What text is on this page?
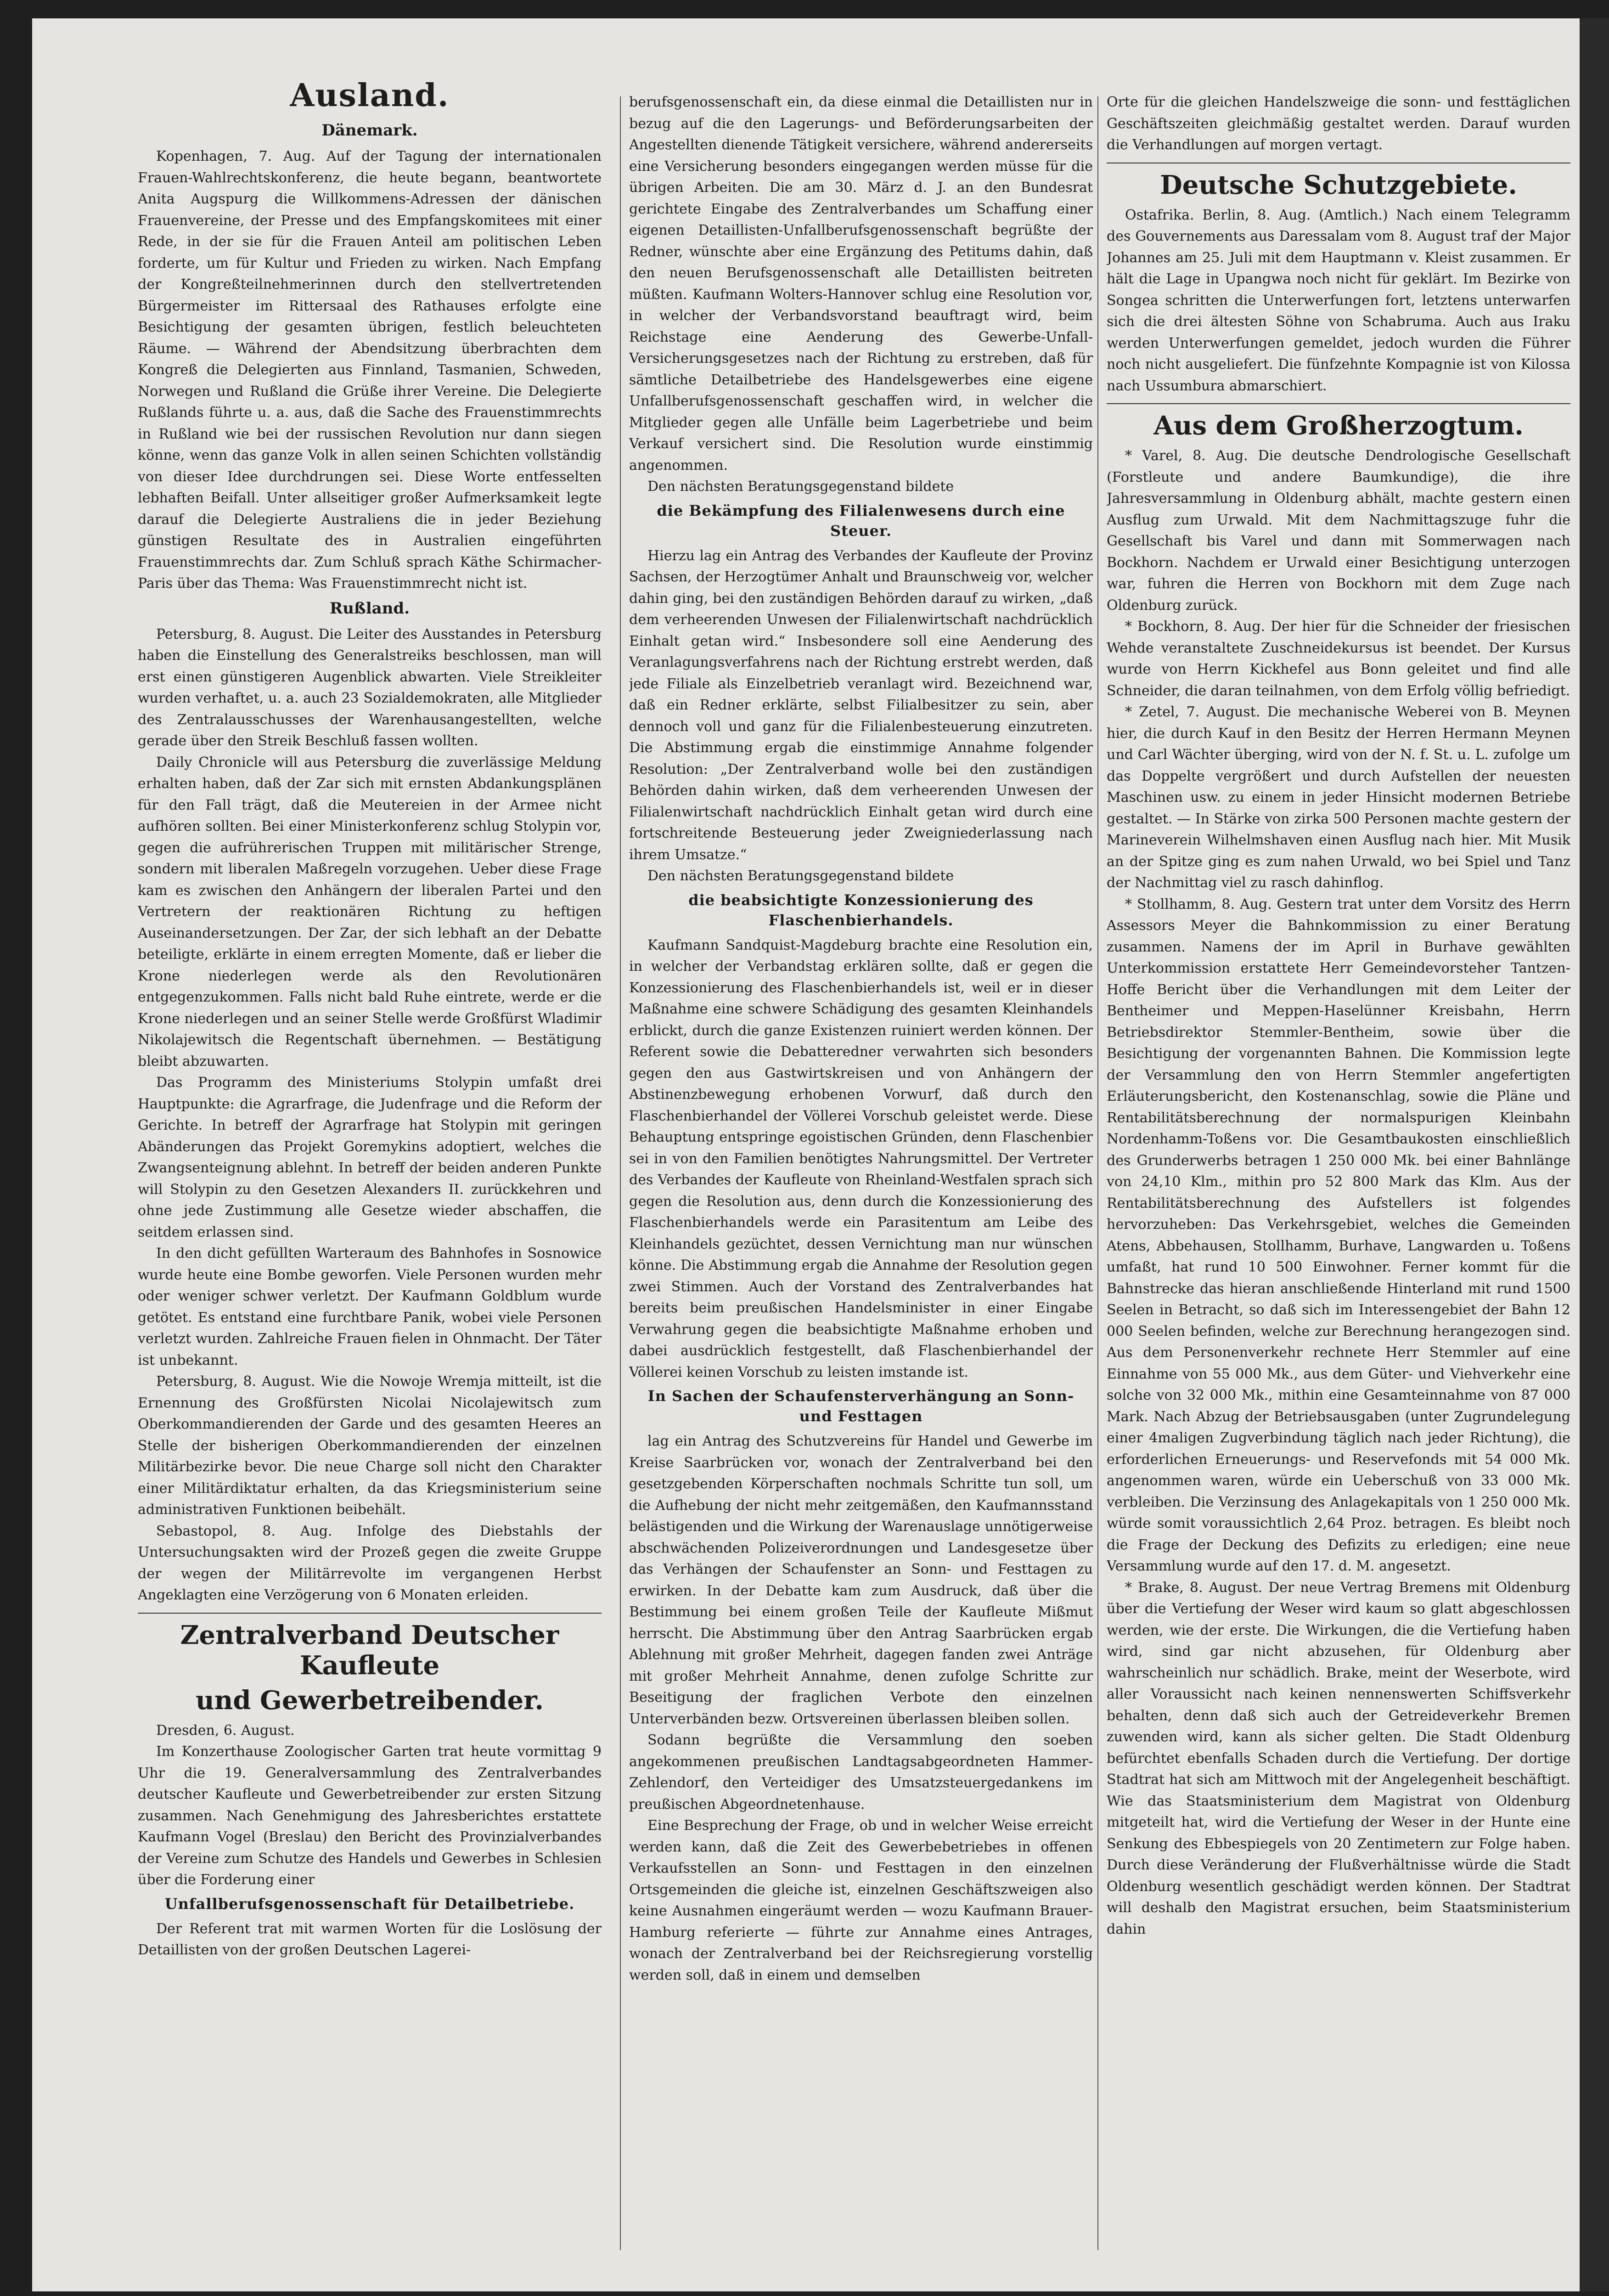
Ausland.
Dänemark.

Kopenhagen, 7. Aug. Auf der Tagung der internationalen Frauen-Wahlrechtskonferenz, die heute begann, beantwortete Anita Augspurg die Willkommens-Adressen der dänischen Frauenvereine, der Presse und des Empfangskomitees mit einer Rede, in der sie für die Frauen Anteil am politischen Leben forderte, um für Kultur und Frieden zu wirken. Nach Empfang der Kongreßteilnehmerinnen durch den stellvertretenden Bürgermeister im Rittersaal des Rathauses erfolgte eine Besichtigung der gesamten übrigen, festlich beleuchteten Räume. — Während der Abendsitzung überbrachten dem Kongreß die Delegierten aus Finnland, Tasmanien, Schweden, Norwegen und Rußland die Grüße ihrer Vereine. Die Delegierte Rußlands führte u. a. aus, daß die Sache des Frauenstimmrechts in Rußland wie bei der russischen Revolution nur dann siegen könne, wenn das ganze Volk in allen seinen Schichten vollständig von dieser Idee durchdrungen sei. Diese Worte entfesselten lebhaften Beifall. Unter allseitiger großer Aufmerksamkeit legte darauf die Delegierte Australiens die in jeder Beziehung günstigen Resultate des in Australien eingeführten Frauenstimmrechts dar. Zum Schluß sprach Käthe Schirmacher-Paris über das Thema: Was Frauenstimmrecht nicht ist.

Rußland.

Petersburg, 8. August. Die Leiter des Ausstandes in Petersburg haben die Einstellung des Generalstreiks beschlossen, man will erst einen günstigeren Augenblick abwarten. Viele Streikleiter wurden verhaftet, u. a. auch 23 Sozialdemokraten, alle Mitglieder des Zentralausschusses der Warenhausangestellten, welche gerade über den Streik Beschluß fassen wollten.

Daily Chronicle will aus Petersburg die zuverlässige Meldung erhalten haben, daß der Zar sich mit ernsten Abdankungsplänen für den Fall trägt, daß die Meutereien in der Armee nicht aufhören sollten. Bei einer Ministerkonferenz schlug Stolypin vor, gegen die aufrührerischen Truppen mit militärischer Strenge, sondern mit liberalen Maßregeln vorzugehen. Ueber diese Frage kam es zwischen den Anhängern der liberalen Partei und den Vertretern der reaktionären Richtung zu heftigen Auseinandersetzungen. Der Zar, der sich lebhaft an der Debatte beteiligte, erklärte in einem erregten Momente, daß er lieber die Krone niederlegen werde als den Revolutionären entgegenzukommen. Falls nicht bald Ruhe eintrete, werde er die Krone niederlegen und an seiner Stelle werde Großfürst Wladimir Nikolajewitsch die Regentschaft übernehmen. — Bestätigung bleibt abzuwarten.

Das Programm des Ministeriums Stolypin umfaßt drei Hauptpunkte: die Agrarfrage, die Judenfrage und die Reform der Gerichte. In betreff der Agrarfrage hat Stolypin mit geringen Abänderungen das Projekt Goremykins adoptiert, welches die Zwangsenteignung ablehnt. In betreff der beiden anderen Punkte will Stolypin zu den Gesetzen Alexanders II. zurückkehren und ohne jede Zustimmung alle Gesetze wieder abschaffen, die seitdem erlassen sind.

In den dicht gefüllten Warteraum des Bahnhofes in Sosnowice wurde heute eine Bombe geworfen. Viele Personen wurden mehr oder weniger schwer verletzt. Der Kaufmann Goldblum wurde getötet. Es entstand eine furchtbare Panik, wobei viele Personen verletzt wurden. Zahlreiche Frauen fielen in Ohnmacht. Der Täter ist unbekannt.

Petersburg, 8. August. Wie die Nowoje Wremja mitteilt, ist die Ernennung des Großfürsten Nicolai Nicolajewitsch zum Oberkommandierenden der Garde und des gesamten Heeres an Stelle der bisherigen Oberkommandierenden der einzelnen Militärbezirke bevor. Die neue Charge soll nicht den Charakter einer Militärdiktatur erhalten, da das Kriegsministerium seine administrativen Funktionen beibehält.

Sebastopol, 8. Aug. Infolge des Diebstahls der Untersuchungsakten wird der Prozeß gegen die zweite Gruppe der wegen der Militärrevolte im vergangenen Herbst Angeklagten eine Verzögerung von 6 Monaten erleiden.

Zentralverband Deutscher Kaufleute
und Gewerbetreibender.

Dresden, 6. August.

Im Konzerthause Zoologischer Garten trat heute vormittag 9 Uhr die 19. Generalversammlung des Zentralverbandes deutscher Kaufleute und Gewerbetreibender zur ersten Sitzung zusammen. Nach Genehmigung des Jahresberichtes erstattete Kaufmann Vogel (Breslau) den Bericht des Provinzialverbandes der Vereine zum Schutze des Handels und Gewerbes in Schlesien über die Forderung einer

Unfallberufsgenossenschaft für Detailbetriebe.

Der Referent trat mit warmen Worten für die Loslösung der Detaillisten von der großen Deutschen Lagerei-

berufsgenossenschaft ein, da diese einmal die Detaillisten nur in bezug auf die den Lagerungs- und Beförderungsarbeiten der Angestellten dienende Tätigkeit versichere, während andererseits eine Versicherung besonders eingegangen werden müsse für die übrigen Arbeiten. Die am 30. März d. J. an den Bundesrat gerichtete Eingabe des Zentralverbandes um Schaffung einer eigenen Detaillisten-Unfallberufsgenossenschaft begrüßte der Redner, wünschte aber eine Ergänzung des Petitums dahin, daß den neuen Berufsgenossenschaft alle Detaillisten beitreten müßten. Kaufmann Wolters-Hannover schlug eine Resolution vor, in welcher der Verbandsvorstand beauftragt wird, beim Reichstage eine Aenderung des Gewerbe-Unfall-Versicherungsgesetzes nach der Richtung zu erstreben, daß für sämtliche Detailbetriebe des Handelsgewerbes eine eigene Unfallberufsgenossenschaft geschaffen wird, in welcher die Mitglieder gegen alle Unfälle beim Lagerbetriebe und beim Verkauf versichert sind. Die Resolution wurde einstimmig angenommen.

Den nächsten Beratungsgegenstand bildete

die Bekämpfung des Filialenwesens durch eine Steuer.

Hierzu lag ein Antrag des Verbandes der Kaufleute der Provinz Sachsen, der Herzogtümer Anhalt und Braunschweig vor, welcher dahin ging, bei den zuständigen Behörden darauf zu wirken, „daß dem verheerenden Unwesen der Filialenwirtschaft nachdrücklich Einhalt getan wird.“ Insbesondere soll eine Aenderung des Veranlagungsverfahrens nach der Richtung erstrebt werden, daß jede Filiale als Einzelbetrieb veranlagt wird. Bezeichnend war, daß ein Redner erklärte, selbst Filialbesitzer zu sein, aber dennoch voll und ganz für die Filialenbesteuerung einzutreten. Die Abstimmung ergab die einstimmige Annahme folgender Resolution: „Der Zentralverband wolle bei den zuständigen Behörden dahin wirken, daß dem verheerenden Unwesen der Filialenwirtschaft nachdrücklich Einhalt getan wird durch eine fortschreitende Besteuerung jeder Zweigniederlassung nach ihrem Umsatze.“

Den nächsten Beratungsgegenstand bildete

die beabsichtigte Konzessionierung des Flaschenbierhandels.

Kaufmann Sandquist-Magdeburg brachte eine Resolution ein, in welcher der Verbandstag erklären sollte, daß er gegen die Konzessionierung des Flaschenbierhandels ist, weil er in dieser Maßnahme eine schwere Schädigung des gesamten Kleinhandels erblickt, durch die ganze Existenzen ruiniert werden können. Der Referent sowie die Debatteredner verwahrten sich besonders gegen den aus Gastwirtskreisen und von Anhängern der Abstinenzbewegung erhobenen Vorwurf, daß durch den Flaschenbierhandel der Völlerei Vorschub geleistet werde. Diese Behauptung entspringe egoistischen Gründen, denn Flaschenbier sei in von den Familien benötigtes Nahrungsmittel. Der Vertreter des Verbandes der Kaufleute von Rheinland-Westfalen sprach sich gegen die Resolution aus, denn durch die Konzessionierung des Flaschenbierhandels werde ein Parasitentum am Leibe des Kleinhandels gezüchtet, dessen Vernichtung man nur wünschen könne. Die Abstimmung ergab die Annahme der Resolution gegen zwei Stimmen. Auch der Vorstand des Zentralverbandes hat bereits beim preußischen Handelsminister in einer Eingabe Verwahrung gegen die beabsichtigte Maßnahme erhoben und dabei ausdrücklich festgestellt, daß Flaschenbierhandel der Völlerei keinen Vorschub zu leisten imstande ist.

In Sachen der Schaufensterverhängung an Sonn- und Festtagen

lag ein Antrag des Schutzvereins für Handel und Gewerbe im Kreise Saarbrücken vor, wonach der Zentralverband bei den gesetzgebenden Körperschaften nochmals Schritte tun soll, um die Aufhebung der nicht mehr zeitgemäßen, den Kaufmannsstand belästigenden und die Wirkung der Warenauslage unnötigerweise abschwächenden Polizeiverordnungen und Landesgesetze über das Verhängen der Schaufenster an Sonn- und Festtagen zu erwirken. In der Debatte kam zum Ausdruck, daß über die Bestimmung bei einem großen Teile der Kaufleute Mißmut herrscht. Die Abstimmung über den Antrag Saarbrücken ergab Ablehnung mit großer Mehrheit, dagegen fanden zwei Anträge mit großer Mehrheit Annahme, denen zufolge Schritte zur Beseitigung der fraglichen Verbote den einzelnen Unterverbänden bezw. Ortsvereinen überlassen bleiben sollen.

Sodann begrüßte die Versammlung den soeben angekommenen preußischen Landtagsabgeordneten Hammer-Zehlendorf, den Verteidiger des Umsatzsteuergedankens im preußischen Abgeordnetenhause.

Eine Besprechung der Frage, ob und in welcher Weise erreicht werden kann, daß die Zeit des Gewerbebetriebes in offenen Verkaufsstellen an Sonn- und Festtagen in den einzelnen Ortsgemeinden die gleiche ist, einzelnen Geschäftszweigen also keine Ausnahmen eingeräumt werden — wozu Kaufmann Brauer-Hamburg referierte — führte zur Annahme eines Antrages, wonach der Zentralverband bei der Reichsregierung vorstellig werden soll, daß in einem und demselben

Orte für die gleichen Handelszweige die sonn- und festtäglichen Geschäftszeiten gleichmäßig gestaltet werden. Darauf wurden die Verhandlungen auf morgen vertagt.

Deutsche Schutzgebiete.

Ostafrika. Berlin, 8. Aug. (Amtlich.) Nach einem Telegramm des Gouvernements aus Daressalam vom 8. August traf der Major Johannes am 25. Juli mit dem Hauptmann v. Kleist zusammen. Er hält die Lage in Upangwa noch nicht für geklärt. Im Bezirke von Songea schritten die Unterwerfungen fort, letztens unterwarfen sich die drei ältesten Söhne von Schabruma. Auch aus Iraku werden Unterwerfungen gemeldet, jedoch wurden die Führer noch nicht ausgeliefert. Die fünfzehnte Kompagnie ist von Kilossa nach Ussumbura abmarschiert.

Aus dem Großherzogtum.

* Varel, 8. Aug. Die deutsche Dendrologische Gesellschaft (Forstleute und andere Baumkundige), die ihre Jahresversammlung in Oldenburg abhält, machte gestern einen Ausflug zum Urwald. Mit dem Nachmittagszuge fuhr die Gesellschaft bis Varel und dann mit Sommerwagen nach Bockhorn. Nachdem er Urwald einer Besichtigung unterzogen war, fuhren die Herren von Bockhorn mit dem Zuge nach Oldenburg zurück.

* Bockhorn, 8. Aug. Der hier für die Schneider der friesischen Wehde veranstaltete Zuschneidekursus ist beendet. Der Kursus wurde von Herrn Kickhefel aus Bonn geleitet und find alle Schneider, die daran teilnahmen, von dem Erfolg völlig befriedigt.

* Zetel, 7. August. Die mechanische Weberei von B. Meynen hier, die durch Kauf in den Besitz der Herren Hermann Meynen und Carl Wächter überging, wird von der N. f. St. u. L. zufolge um das Doppelte vergrößert und durch Aufstellen der neuesten Maschinen usw. zu einem in jeder Hinsicht modernen Betriebe gestaltet. — In Stärke von zirka 500 Personen machte gestern der Marineverein Wilhelmshaven einen Ausflug nach hier. Mit Musik an der Spitze ging es zum nahen Urwald, wo bei Spiel und Tanz der Nachmittag viel zu rasch dahinflog.

* Stollhamm, 8. Aug. Gestern trat unter dem Vorsitz des Herrn Assessors Meyer die Bahnkommission zu einer Beratung zusammen. Namens der im April in Burhave gewählten Unterkommission erstattete Herr Gemeindevorsteher Tantzen-Hoffe Bericht über die Verhandlungen mit dem Leiter der Bentheimer und Meppen-Haselünner Kreisbahn, Herrn Betriebsdirektor Stemmler-Bentheim, sowie über die Besichtigung der vorgenannten Bahnen. Die Kommission legte der Versammlung den von Herrn Stemmler angefertigten Erläuterungsbericht, den Kostenanschlag, sowie die Pläne und Rentabilitätsberechnung der normalspurigen Kleinbahn Nordenhamm-Toßens vor. Die Gesamtbaukosten einschließlich des Grunderwerbs betragen 1 250 000 Mk. bei einer Bahnlänge von 24,10 Klm., mithin pro 52 800 Mark das Klm. Aus der Rentabilitätsberechnung des Aufstellers ist folgendes hervorzuheben: Das Verkehrsgebiet, welches die Gemeinden Atens, Abbehausen, Stollhamm, Burhave, Langwarden u. Toßens umfaßt, hat rund 10 500 Einwohner. Ferner kommt für die Bahnstrecke das hieran anschließende Hinterland mit rund 1500 Seelen in Betracht, so daß sich im Interessengebiet der Bahn 12 000 Seelen befinden, welche zur Berechnung herangezogen sind. Aus dem Personenverkehr rechnete Herr Stemmler auf eine Einnahme von 55 000 Mk., aus dem Güter- und Viehverkehr eine solche von 32 000 Mk., mithin eine Gesamteinnahme von 87 000 Mark. Nach Abzug der Betriebsausgaben (unter Zugrundelegung einer 4maligen Zugverbindung täglich nach jeder Richtung), die erforderlichen Erneuerungs- und Reservefonds mit 54 000 Mk. angenommen waren, würde ein Ueberschuß von 33 000 Mk. verbleiben. Die Verzinsung des Anlagekapitals von 1 250 000 Mk. würde somit voraussichtlich 2,64 Proz. betragen. Es bleibt noch die Frage der Deckung des Defizits zu erledigen; eine neue Versammlung wurde auf den 17. d. M. angesetzt.

* Brake, 8. August. Der neue Vertrag Bremens mit Oldenburg über die Vertiefung der Weser wird kaum so glatt abgeschlossen werden, wie der erste. Die Wirkungen, die die Vertiefung haben wird, sind gar nicht abzusehen, für Oldenburg aber wahrscheinlich nur schädlich. Brake, meint der Weserbote, wird aller Voraussicht nach keinen nennenswerten Schiffsverkehr behalten, denn daß sich auch der Getreideverkehr Bremen zuwenden wird, kann als sicher gelten. Die Stadt Oldenburg befürchtet ebenfalls Schaden durch die Vertiefung. Der dortige Stadtrat hat sich am Mittwoch mit der Angelegenheit beschäftigt. Wie das Staatsministerium dem Magistrat von Oldenburg mitgeteilt hat, wird die Vertiefung der Weser in der Hunte eine Senkung des Ebbespiegels von 20 Zentimetern zur Folge haben. Durch diese Veränderung der Flußverhältnisse würde die Stadt Oldenburg wesentlich geschädigt werden können. Der Stadtrat will deshalb den Magistrat ersuchen, beim Staatsministerium dahin
